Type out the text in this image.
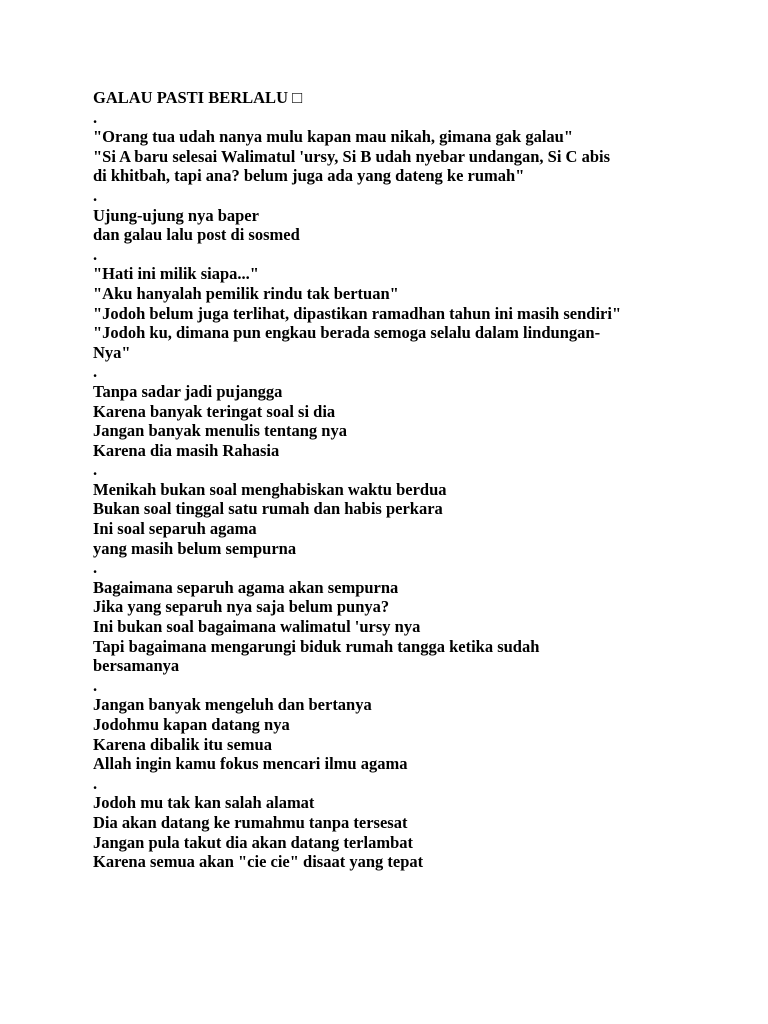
GALAU PASTI BERLALU □
.
"Orang tua udah nanya mulu kapan mau nikah, gimana gak galau"
"Si A baru selesai Walimatul 'ursy, Si B udah nyebar undangan, Si C abis
di khitbah, tapi ana? belum juga ada yang dateng ke rumah"
.
Ujung-ujung nya baper
dan galau lalu post di sosmed
.
"Hati ini milik siapa..."
"Aku hanyalah pemilik rindu tak bertuan"
"Jodoh belum juga terlihat, dipastikan ramadhan tahun ini masih sendiri"
"Jodoh ku, dimana pun engkau berada semoga selalu dalam lindungan-
Nya"
.
Tanpa sadar jadi pujangga
Karena banyak teringat soal si dia
Jangan banyak menulis tentang nya
Karena dia masih Rahasia
.
Menikah bukan soal menghabiskan waktu berdua
Bukan soal tinggal satu rumah dan habis perkara
Ini soal separuh agama
yang masih belum sempurna
.
Bagaimana separuh agama akan sempurna
Jika yang separuh nya saja belum punya?
Ini bukan soal bagaimana walimatul 'ursy nya
Tapi bagaimana mengarungi biduk rumah tangga ketika sudah
bersamanya
.
Jangan banyak mengeluh dan bertanya
Jodohmu kapan datang nya
Karena dibalik itu semua
Allah ingin kamu fokus mencari ilmu agama
.
Jodoh mu tak kan salah alamat
Dia akan datang ke rumahmu tanpa tersesat
Jangan pula takut dia akan datang terlambat
Karena semua akan "cie cie" disaat yang tepat
